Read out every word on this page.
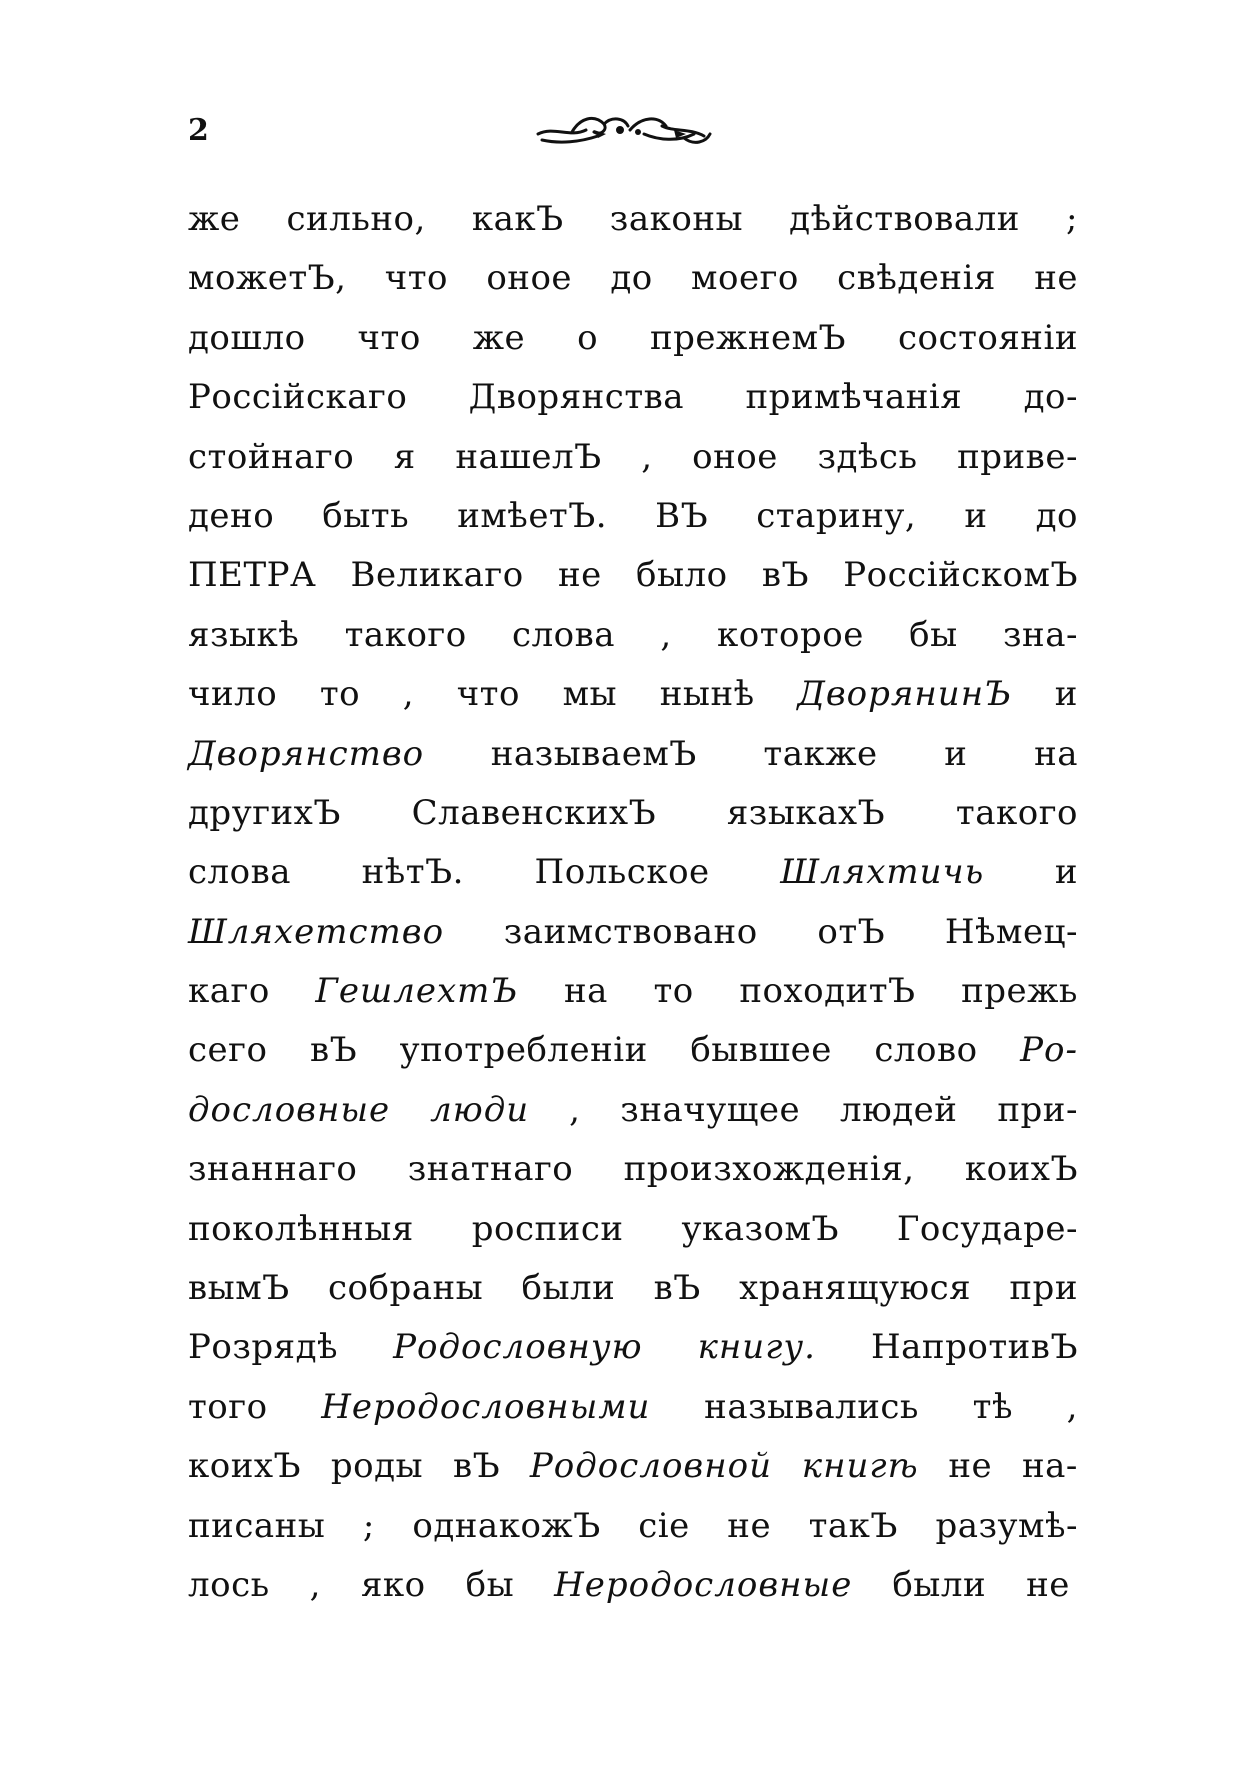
2
же сильно, какЪ законы дѣйствовали ;
можетЪ, что оное до моего свѣденія не
дошло что же о прежнемЪ состояніи
Россійскаго Дворянства примѣчанія до-
стойнаго я нашелЪ , оное здѣсь приве-
дено быть имѣетЪ. ВЪ старину, и до
ПЕТРА Великаго не было вЪ РоссійскомЪ
языкѣ такого слова , которое бы зна-
чило то , что мы нынѣ ДворянинЪ и
Дворянство называемЪ также и на
другихЪ СлавенскихЪ языкахЪ такого
слова нѣтЪ. Польское Шляхтичь и
Шляхетство заимствовано отЪ Нѣмец-
каго ГешлехтЪ на то походитЪ прежь
сего вЪ употребленіи бывшее слово Ро-
дословные люди , значущее людей при-
знаннаго знатнаго произхожденія, коихЪ
поколѣнныя росписи указомЪ Государе-
вымЪ собраны были вЪ хранящуюся при
Розрядѣ Родословную книгу. НапротивЪ
того Неродословными назывались тѣ ,
коихЪ роды вЪ Родословной книгѣ не на-
писаны ; однакожЪ сіе не такЪ разумѣ-
лось , яко бы Неродословные были не
